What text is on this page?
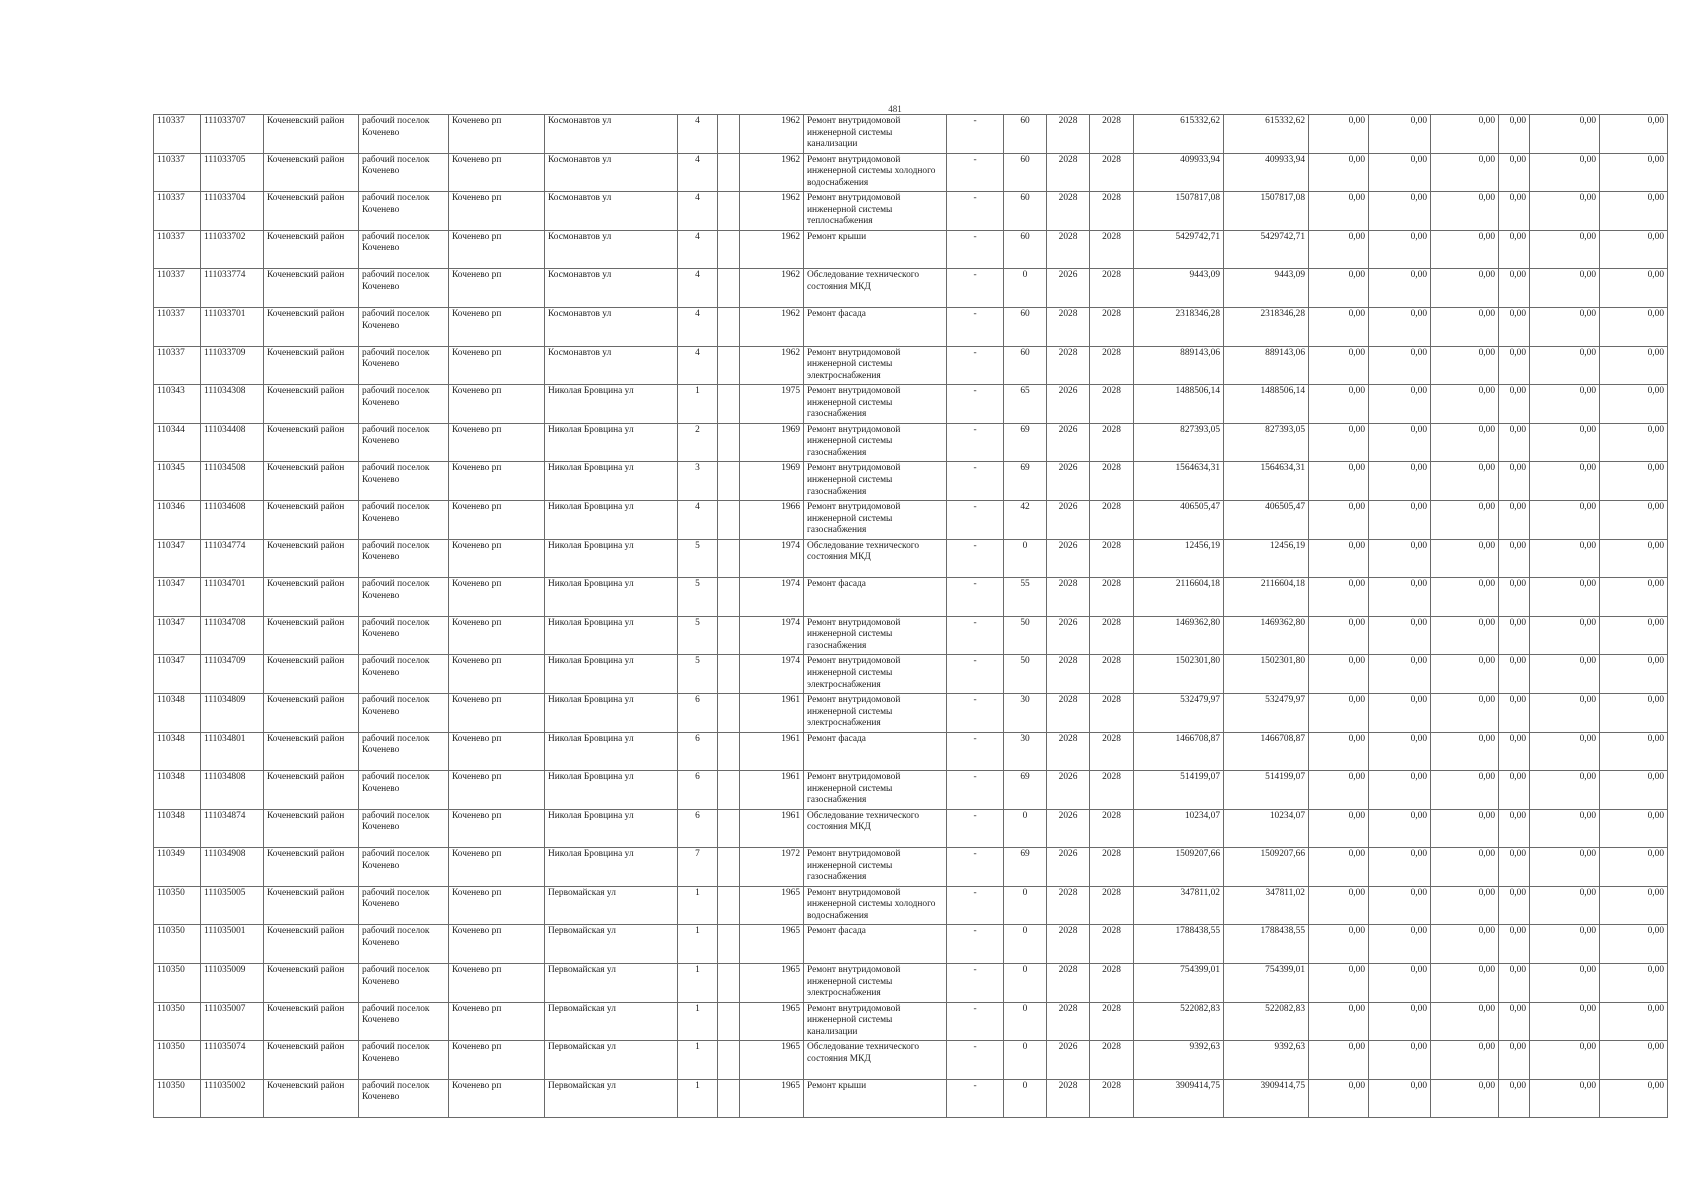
481
110337	111033707	Коченевский район	рабочий поселок Коченево	Коченево рп	Космонавтов ул	4		1962	Ремонт внутридомовой инженерной системы канализации	-	60	2028	2028	615332,62	615332,62	0,00	0,00	0,00	0,00	0,00	0,00
110337	111033705	Коченевский район	рабочий поселок Коченево	Коченево рп	Космонавтов ул	4		1962	Ремонт внутридомовой инженерной системы холодного водоснабжения	-	60	2028	2028	409933,94	409933,94	0,00	0,00	0,00	0,00	0,00	0,00
110337	111033704	Коченевский район	рабочий поселок Коченево	Коченево рп	Космонавтов ул	4		1962	Ремонт внутридомовой инженерной системы теплоснабжения	-	60	2028	2028	1507817,08	1507817,08	0,00	0,00	0,00	0,00	0,00	0,00
110337	111033702	Коченевский район	рабочий поселок Коченево	Коченево рп	Космонавтов ул	4		1962	Ремонт крыши	-	60	2028	2028	5429742,71	5429742,71	0,00	0,00	0,00	0,00	0,00	0,00
110337	111033774	Коченевский район	рабочий поселок Коченево	Коченево рп	Космонавтов ул	4		1962	Обследование технического состояния МКД	-	0	2026	2028	9443,09	9443,09	0,00	0,00	0,00	0,00	0,00	0,00
110337	111033701	Коченевский район	рабочий поселок Коченево	Коченево рп	Космонавтов ул	4		1962	Ремонт фасада	-	60	2028	2028	2318346,28	2318346,28	0,00	0,00	0,00	0,00	0,00	0,00
110337	111033709	Коченевский район	рабочий поселок Коченево	Коченево рп	Космонавтов ул	4		1962	Ремонт внутридомовой инженерной системы электроснабжения	-	60	2028	2028	889143,06	889143,06	0,00	0,00	0,00	0,00	0,00	0,00
110343	111034308	Коченевский район	рабочий поселок Коченево	Коченево рп	Николая Бровцина ул	1		1975	Ремонт внутридомовой инженерной системы газоснабжения	-	65	2026	2028	1488506,14	1488506,14	0,00	0,00	0,00	0,00	0,00	0,00
110344	111034408	Коченевский район	рабочий поселок Коченево	Коченево рп	Николая Бровцина ул	2		1969	Ремонт внутридомовой инженерной системы газоснабжения	-	69	2026	2028	827393,05	827393,05	0,00	0,00	0,00	0,00	0,00	0,00
110345	111034508	Коченевский район	рабочий поселок Коченево	Коченево рп	Николая Бровцина ул	3		1969	Ремонт внутридомовой инженерной системы газоснабжения	-	69	2026	2028	1564634,31	1564634,31	0,00	0,00	0,00	0,00	0,00	0,00
110346	111034608	Коченевский район	рабочий поселок Коченево	Коченево рп	Николая Бровцина ул	4		1966	Ремонт внутридомовой инженерной системы газоснабжения	-	42	2026	2028	406505,47	406505,47	0,00	0,00	0,00	0,00	0,00	0,00
110347	111034774	Коченевский район	рабочий поселок Коченево	Коченево рп	Николая Бровцина ул	5		1974	Обследование технического состояния МКД	-	0	2026	2028	12456,19	12456,19	0,00	0,00	0,00	0,00	0,00	0,00
110347	111034701	Коченевский район	рабочий поселок Коченево	Коченево рп	Николая Бровцина ул	5		1974	Ремонт фасада	-	55	2028	2028	2116604,18	2116604,18	0,00	0,00	0,00	0,00	0,00	0,00
110347	111034708	Коченевский район	рабочий поселок Коченево	Коченево рп	Николая Бровцина ул	5		1974	Ремонт внутридомовой инженерной системы газоснабжения	-	50	2026	2028	1469362,80	1469362,80	0,00	0,00	0,00	0,00	0,00	0,00
110347	111034709	Коченевский район	рабочий поселок Коченево	Коченево рп	Николая Бровцина ул	5		1974	Ремонт внутридомовой инженерной системы электроснабжения	-	50	2028	2028	1502301,80	1502301,80	0,00	0,00	0,00	0,00	0,00	0,00
110348	111034809	Коченевский район	рабочий поселок Коченево	Коченево рп	Николая Бровцина ул	6		1961	Ремонт внутридомовой инженерной системы электроснабжения	-	30	2028	2028	532479,97	532479,97	0,00	0,00	0,00	0,00	0,00	0,00
110348	111034801	Коченевский район	рабочий поселок Коченево	Коченево рп	Николая Бровцина ул	6		1961	Ремонт фасада	-	30	2028	2028	1466708,87	1466708,87	0,00	0,00	0,00	0,00	0,00	0,00
110348	111034808	Коченевский район	рабочий поселок Коченево	Коченево рп	Николая Бровцина ул	6		1961	Ремонт внутридомовой инженерной системы газоснабжения	-	69	2026	2028	514199,07	514199,07	0,00	0,00	0,00	0,00	0,00	0,00
110348	111034874	Коченевский район	рабочий поселок Коченево	Коченево рп	Николая Бровцина ул	6		1961	Обследование технического состояния МКД	-	0	2026	2028	10234,07	10234,07	0,00	0,00	0,00	0,00	0,00	0,00
110349	111034908	Коченевский район	рабочий поселок Коченево	Коченево рп	Николая Бровцина ул	7		1972	Ремонт внутридомовой инженерной системы газоснабжения	-	69	2026	2028	1509207,66	1509207,66	0,00	0,00	0,00	0,00	0,00	0,00
110350	111035005	Коченевский район	рабочий поселок Коченево	Коченево рп	Первомайская ул	1		1965	Ремонт внутридомовой инженерной системы холодного водоснабжения	-	0	2028	2028	347811,02	347811,02	0,00	0,00	0,00	0,00	0,00	0,00
110350	111035001	Коченевский район	рабочий поселок Коченево	Коченево рп	Первомайская ул	1		1965	Ремонт фасада	-	0	2028	2028	1788438,55	1788438,55	0,00	0,00	0,00	0,00	0,00	0,00
110350	111035009	Коченевский район	рабочий поселок Коченево	Коченево рп	Первомайская ул	1		1965	Ремонт внутридомовой инженерной системы электроснабжения	-	0	2028	2028	754399,01	754399,01	0,00	0,00	0,00	0,00	0,00	0,00
110350	111035007	Коченевский район	рабочий поселок Коченево	Коченево рп	Первомайская ул	1		1965	Ремонт внутридомовой инженерной системы канализации	-	0	2028	2028	522082,83	522082,83	0,00	0,00	0,00	0,00	0,00	0,00
110350	111035074	Коченевский район	рабочий поселок Коченево	Коченево рп	Первомайская ул	1		1965	Обследование технического состояния МКД	-	0	2026	2028	9392,63	9392,63	0,00	0,00	0,00	0,00	0,00	0,00
110350	111035002	Коченевский район	рабочий поселок Коченево	Коченево рп	Первомайская ул	1		1965	Ремонт крыши	-	0	2028	2028	3909414,75	3909414,75	0,00	0,00	0,00	0,00	0,00	0,00
